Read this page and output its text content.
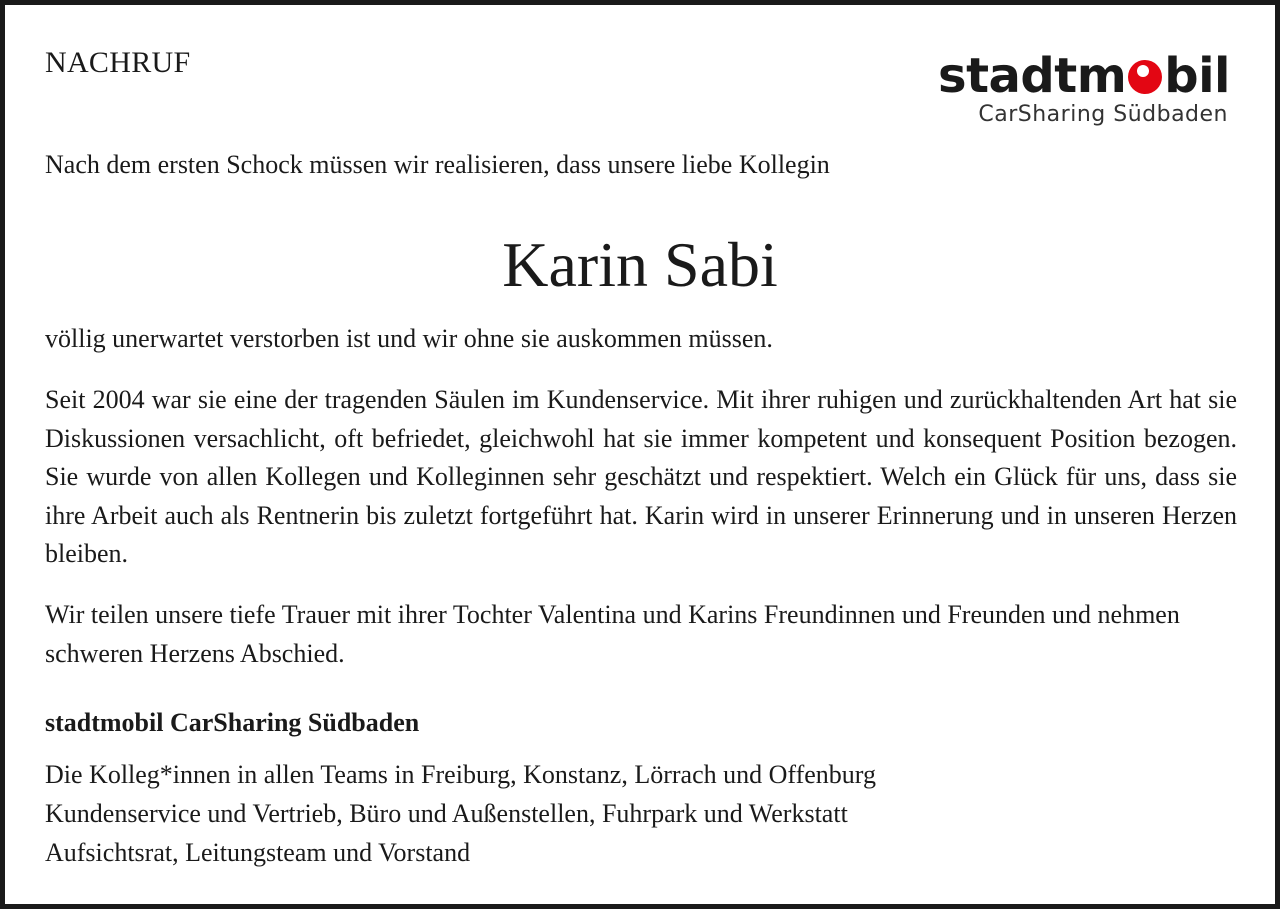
NACHRUF	stadtm bil
CarSharing Südbaden
Nach dem ersten Schock müssen wir realisieren, dass unsere liebe Kollegin
Karin Sabi
völlig unerwartet verstorben ist und wir ohne sie auskommen müssen.
Seit 2004 war sie eine der tragenden Säulen im Kundenservice. Mit ihrer ruhigen und zurückhaltenden Art hat sie Diskussionen versachlicht, oft befriedet, gleichwohl hat sie immer kompetent und konsequent Position bezogen. Sie wurde von allen Kollegen und Kolleginnen sehr geschätzt und respektiert. Welch ein Glück für uns, dass sie ihre Arbeit auch als Rentnerin bis zuletzt fortgeführt hat. Karin wird in unserer Erinnerung und in unseren Herzen bleiben.
Wir teilen unsere tiefe Trauer mit ihrer Tochter Valentina und Karins Freundinnen und Freunden und nehmen schweren Herzens Abschied.
stadtmobil CarSharing Südbaden
Die Kolleg*innen in allen Teams in Freiburg, Konstanz, Lörrach und Offenburg
Kundenservice und Vertrieb, Büro und Außenstellen, Fuhrpark und Werkstatt
Aufsichtsrat, Leitungsteam und Vorstand
